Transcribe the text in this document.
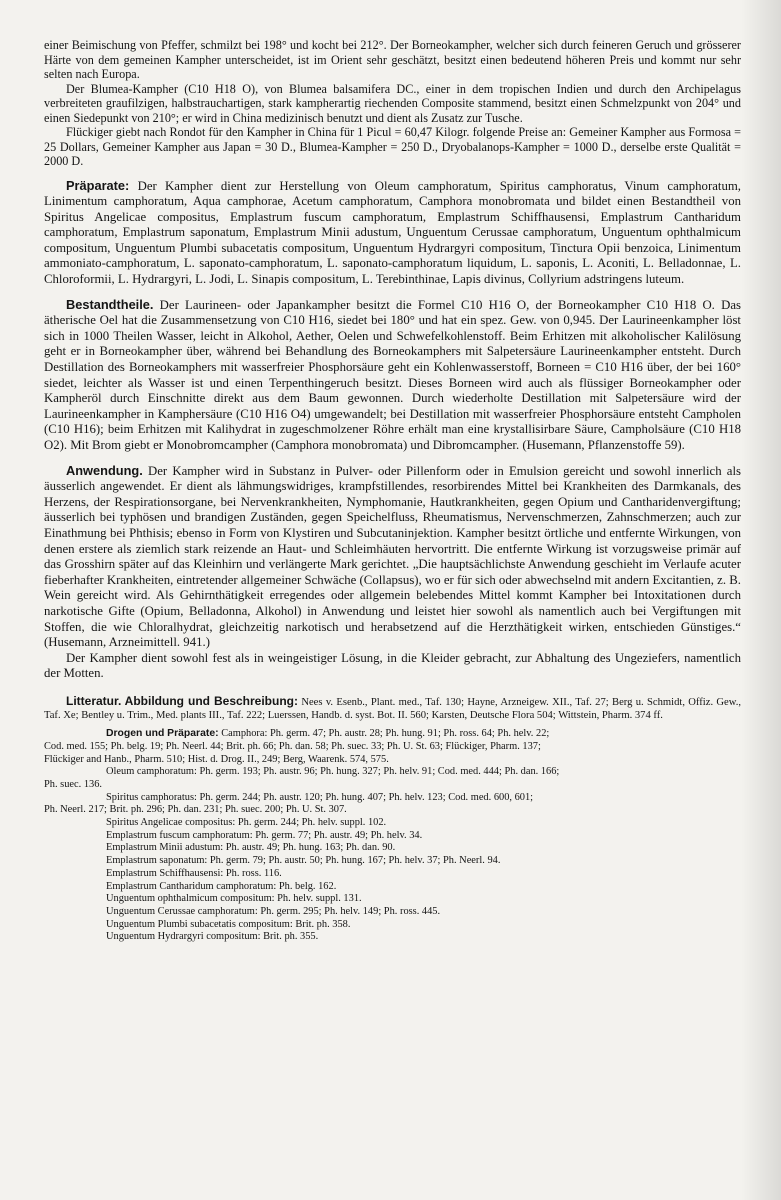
einer Beimischung von Pfeffer, schmilzt bei 198° und kocht bei 212°. Der Borneokampher, welcher sich durch feineren Geruch und grösserer Härte von dem gemeinen Kampher unterscheidet, ist im Orient sehr geschätzt, besitzt einen bedeutend höheren Preis und kommt nur sehr selten nach Europa.

Der Blumea-Kampher (C10 H18 O), von Blumea balsamifera DC., einer in dem tropischen Indien und durch den Archipelagus verbreiteten graufilzigen, halbstrauchartigen, stark kampherartig riechenden Composite stammend, besitzt einen Schmelzpunkt von 204° und einen Siedepunkt von 210°; er wird in China medizinisch benutzt und dient als Zusatz zur Tusche.

Flückiger giebt nach Rondot für den Kampher in China für 1 Picul = 60,47 Kilogr. folgende Preise an: Gemeiner Kampher aus Formosa = 25 Dollars, Gemeiner Kampher aus Japan = 30 D., Blumea-Kampher = 250 D., Dryobalanops-Kampher = 1000 D., derselbe erste Qualität = 2000 D.

Präparate: Der Kampher dient zur Herstellung von Oleum camphoratum, Spiritus camphoratus, Vinum camphoratum, Linimentum camphoratum, Aqua camphorae, Acetum camphoratum, Camphora monobromata und bildet einen Bestandtheil von Spiritus Angelicae compositus, Emplastrum fuscum camphoratum, Emplastrum Schiffhausensi, Emplastrum Cantharidum camphoratum, Emplastrum saponatum, Emplastrum Minii adustum, Unguentum Cerussae camphoratum, Unguentum ophthalmicum compositum, Unguentum Plumbi subacetatis compositum, Unguentum Hydrargyri compositum, Tinctura Opii benzoica, Linimentum ammoniato-camphoratum, L. saponato-camphoratum, L. saponato-camphoratum liquidum, L. saponis, L. Aconiti, L. Belladonnae, L. Chloroformii, L. Hydrargyri, L. Jodi, L. Sinapis compositum, L. Terebinthinae, Lapis divinus, Collyrium adstringens luteum.

Bestandtheile. Der Laurineen- oder Japankampher besitzt die Formel C10 H16 O, der Borneokampher C10 H18 O. Das ätherische Oel hat die Zusammensetzung von C10 H16, siedet bei 180° und hat ein spez. Gew. von 0,945. Der Laurineenkampher löst sich in 1000 Theilen Wasser, leicht in Alkohol, Aether, Oelen und Schwefelkohlenstoff. Beim Erhitzen mit alkoholischer Kalilösung geht er in Borneokampher über, während bei Behandlung des Borneokamphers mit Salpetersäure Laurineenkampher entsteht. Durch Destillation des Borneokamphers mit wasserfreier Phosphorsäure geht ein Kohlenwasserstoff, Borneen = C10 H16 über, der bei 160° siedet, leichter als Wasser ist und einen Terpenthingeruch besitzt. Dieses Borneen wird auch als flüssiger Borneokampher oder Kampheröl durch Einschnitte direkt aus dem Baum gewonnen. Durch wiederholte Destillation mit Salpetersäure wird der Laurineenkampher in Kamphersäure (C10 H16 O4) umgewandelt; bei Destillation mit wasserfreier Phosphorsäure entsteht Campholen (C10 H16); beim Erhitzen mit Kalihydrat in zugeschmolzener Röhre erhält man eine krystallisirbare Säure, Campholsäure (C10 H18 O2). Mit Brom giebt er Monobromcampher (Camphora monobromata) und Dibromcampher. (Husemann, Pflanzenstoffe 59).

Anwendung. Der Kampher wird in Substanz in Pulver- oder Pillenform oder in Emulsion gereicht und sowohl innerlich als äusserlich angewendet. Er dient als lähmungswidriges, krampfstillendes, resorbirendes Mittel bei Krankheiten des Darmkanals, des Herzens, der Respirationsorgane, bei Nervenkrankheiten, Nymphomanie, Hautkrankheiten, gegen Opium und Cantharidenvergiftung; äusserlich bei typhösen und brandigen Zuständen, gegen Speichelfluss, Rheumatismus, Nervenschmerzen, Zahnschmerzen; auch zur Einathmung bei Phthisis; ebenso in Form von Klystiren und Subcutaninjektion. Kampher besitzt örtliche und entfernte Wirkungen, von denen erstere als ziemlich stark reizende an Haut- und Schleimhäuten hervortritt. Die entfernte Wirkung ist vorzugsweise primär auf das Grosshirn später auf das Kleinhirn und verlängerte Mark gerichtet. „Die hauptsächlichste Anwendung geschieht im Verlaufe acuter fieberhafter Krankheiten, eintretender allgemeiner Schwäche (Collapsus), wo er für sich oder abwechselnd mit andern Excitantien, z. B. Wein gereicht wird. Als Gehirnthätigkeit erregendes oder allgemein belebendes Mittel kommt Kampher bei Intoxitationen durch narkotische Gifte (Opium, Belladonna, Alkohol) in Anwendung und leistet hier sowohl als namentlich auch bei Vergiftungen mit Stoffen, die wie Chloralhydrat, gleichzeitig narkotisch und herabsetzend auf die Herzthätigkeit wirken, entschieden Günstiges.“ (Husemann, Arzneimittell. 941.)

Der Kampher dient sowohl fest als in weingeistiger Lösung, in die Kleider gebracht, zur Abhaltung des Ungeziefers, namentlich der Motten.

Litteratur. Abbildung und Beschreibung: Nees v. Esenb., Plant. med., Taf. 130; Hayne, Arzneigew. XII., Taf. 27; Berg u. Schmidt, Offiz. Gew., Taf. Xe; Bentley u. Trim., Med. plants III., Taf. 222; Luerssen, Handb. d. syst. Bot. II. 560; Karsten, Deutsche Flora 504; Wittstein, Pharm. 374 ff.

Drogen und Präparate: Camphora: Ph. germ. 47; Ph. austr. 28; Ph. hung. 91; Ph. ross. 64; Ph. helv. 22;
Cod. med. 155; Ph. belg. 19; Ph. Neerl. 44; Brit. ph. 66; Ph. dan. 58; Ph. suec. 33; Ph. U. St. 63; Flückiger, Pharm. 137;
Flückiger and Hanb., Pharm. 510; Hist. d. Drog. II., 249; Berg, Waarenk. 574, 575.
Oleum camphoratum: Ph. germ. 193; Ph. austr. 96; Ph. hung. 327; Ph. helv. 91; Cod. med. 444; Ph. dan. 166;
Ph. suec. 136.
Spiritus camphoratus: Ph. germ. 244; Ph. austr. 120; Ph. hung. 407; Ph. helv. 123; Cod. med. 600, 601;
Ph. Neerl. 217; Brit. ph. 296; Ph. dan. 231; Ph. suec. 200; Ph. U. St. 307.
Spiritus Angelicae compositus: Ph. germ. 244; Ph. helv. suppl. 102.
Emplastrum fuscum camphoratum: Ph. germ. 77; Ph. austr. 49; Ph. helv. 34.
Emplastrum Minii adustum: Ph. austr. 49; Ph. hung. 163; Ph. dan. 90.
Emplastrum saponatum: Ph. germ. 79; Ph. austr. 50; Ph. hung. 167; Ph. helv. 37; Ph. Neerl. 94.
Emplastrum Schiffhausensi: Ph. ross. 116.
Emplastrum Cantharidum camphoratum: Ph. belg. 162.
Unguentum ophthalmicum compositum: Ph. helv. suppl. 131.
Unguentum Cerussae camphoratum: Ph. germ. 295; Ph. helv. 149; Ph. ross. 445.
Unguentum Plumbi subacetatis compositum: Brit. ph. 358.
Unguentum Hydrargyri compositum: Brit. ph. 355.
